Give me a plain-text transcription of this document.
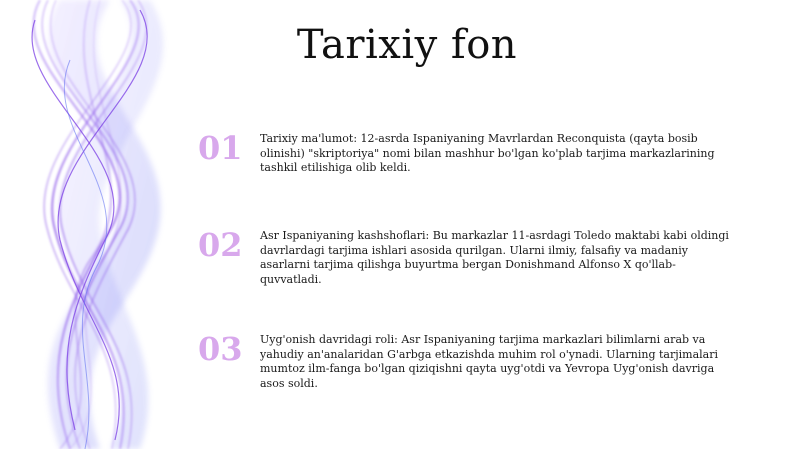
Tarixiy fon
01 Tarixiy ma'lumot: 12-asrda Ispaniyaning Mavrlardan Reconquista (qayta bosib olinishi) "skriptoriya" nomi bilan mashhur bo'lgan ko'plab tarjima markazlarining tashkil etilishiga olib keldi.
02 Asr Ispaniyaning kashshoflari: Bu markazlar 11-asrdagi Toledo maktabi kabi oldingi davrlardagi tarjima ishlari asosida qurilgan. Ularni ilmiy, falsafiy va madaniy asarlarni tarjima qilishga buyurtma bergan Donishmand Alfonso X qo'llab-quvvatladi.
03 Uyg'onish davridagi roli: Asr Ispaniyaning tarjima markazlari bilimlarni arab va yahudiy an'analaridan G'arbga etkazishda muhim rol o'ynadi. Ularning tarjimalari mumtoz ilm-fanga bo'lgan qiziqishni qayta uyg'otdi va Yevropa Uyg'onish davriga asos soldi.
